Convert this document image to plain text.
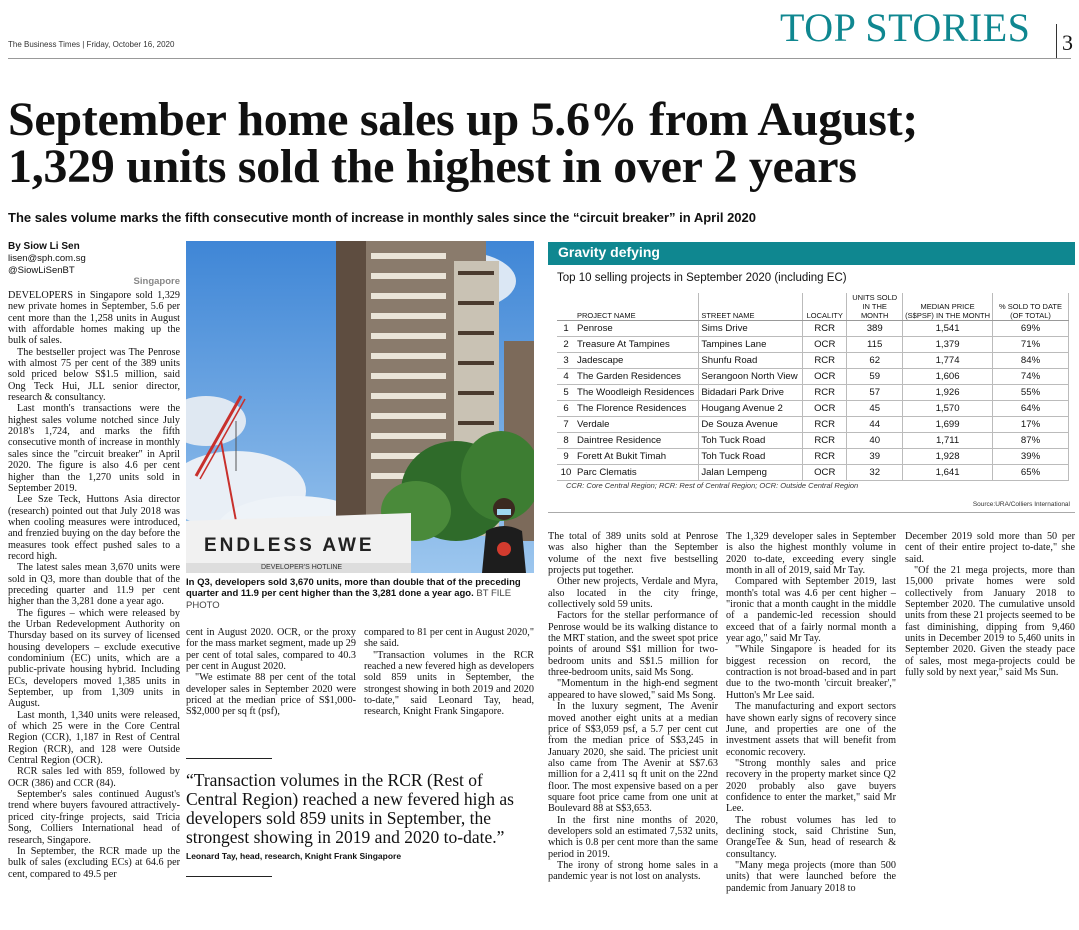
The Business Times | Friday, October 16, 2020	TOP STORIES 3
September home sales up 5.6% from August;
1,329 units sold the highest in over 2 years
The sales volume marks the fifth consecutive month of increase in monthly sales since the “circuit breaker” in April 2020
By Siow Li Sen
lisen@sph.com.sg
@SiowLiSenBT
Singapore

DEVELOPERS in Singapore sold 1,329 new private homes in September, 5.6 per cent more than the 1,258 units in August with affordable homes making up the bulk of sales.

The bestseller project was The Penrose with almost 75 per cent of the 389 units sold priced below S$1.5 million, said Ong Teck Hui, JLL senior director, research & consultancy.

Last month's transactions were the highest sales volume notched since July 2018's 1,724, and marks the fifth consecutive month of increase in monthly sales since the "circuit breaker" in April 2020. The figure is also 4.6 per cent higher than the 1,270 units sold in September 2019.

Lee Sze Teck, Huttons Asia director (research) pointed out that July 2018 was when cooling measures were introduced, and frenzied buying on the day before the measures took effect pushed sales to a record high.

The latest sales mean 3,670 units were sold in Q3, more than double that of the preceding quarter and 11.9 per cent higher than the 3,281 done a year ago.

The figures – which were released by the Urban Redevelopment Authority on Thursday based on its survey of licensed housing developers – exclude executive condominium (EC) units, which are a public-private housing hybrid. Including ECs, developers moved 1,385 units in September, up from 1,309 units in August.

Last month, 1,340 units were released, of which 25 were in the Core Central Region (CCR), 1,187 in Rest of Central Region (RCR), and 128 were Outside Central Region (OCR).

RCR sales led with 859, followed by OCR (386) and CCR (84).

September's sales continued August's trend where buyers favoured attractively-priced city-fringe projects, said Tricia Song, Colliers International head of research, Singapore.

In September, the RCR made up the bulk of sales (excluding ECs) at 64.6 per cent, compared to 49.5 per

cent in August 2020. OCR, or the proxy for the mass market segment, made up 29 per cent of total sales, compared to 40.3 per cent in August 2020.

"We estimate 88 per cent of the total developer sales in September 2020 were priced at the median price of S$1,000-S$2,000 per sq ft (psf),

compared to 81 per cent in August 2020," she said.

"Transaction volumes in the RCR reached a new fevered high as developers sold 859 units in September, the strongest showing in both 2019 and 2020 to-date," said Leonard Tay, head, research, Knight Frank Singapore.

The total of 389 units sold at Penrose was also higher than the September volume of the next five bestselling projects put together.

Other new projects, Verdale and Myra, also located in the city fringe, collectively sold 59 units.

Factors for the stellar performance of Penrose would be its walking distance to the MRT station, and the sweet spot price points of around S$1 million for two-bedroom units and S$1.5 million for three-bedroom units, said Ms Song.

"Momentum in the high-end segment appeared to have slowed," said Ms Song.

In the luxury segment, The Avenir moved another eight units at a median price of S$3,059 psf, a 5.7 per cent cut from the median price of S$3,245 in January 2020, she said. The priciest unit also came from The Avenir at S$7.63 million for a 2,411 sq ft unit on the 22nd floor. The most expensive based on a per square foot price came from one unit at Boulevard 88 at S$3,653.

In the first nine months of 2020, developers sold an estimated 7,532 units, which is 0.8 per cent more than the same period in 2019.

The irony of strong home sales in a pandemic year is not lost on analysts.

The 1,329 developer sales in September is also the highest monthly volume in 2020 to-date, exceeding every single month in all of 2019, said Mr Tay.

Compared with September 2019, last month's total was 4.6 per cent higher – "ironic that a month caught in the middle of a pandemic-led recession should exceed that of a fairly normal month a year ago," said Mr Tay.

"While Singapore is headed for its biggest recession on record, the contraction is not broad-based and in part due to the two-month 'circuit breaker'," Hutton's Mr Lee said.

The manufacturing and export sectors have shown early signs of recovery since June, and properties are one of the investment assets that will benefit from economic recovery.

"Strong monthly sales and price recovery in the property market since Q2 2020 probably also gave buyers confidence to enter the market," said Mr Lee.

The robust volumes has led to declining stock, said Christine Sun, OrangeTee & Sun, head of research & consultancy.

"Many mega projects (more than 500 units) that were launched before the pandemic from January 2018 to

December 2019 sold more than 50 per cent of their entire project to-date," she said.

"Of the 21 mega projects, more than 15,000 private homes were sold collectively from January 2018 to September 2020. The cumulative unsold units from these 21 projects seemed to be fast diminishing, dipping from 9,460 units in December 2019 to 5,460 units in September 2020. Given the steady pace of sales, most mega-projects could be fully sold by next year," said Ms Sun.

ENDLESS AWE
DEVELOPER'S HOTLINE
In Q3, developers sold 3,670 units, more than double that of the preceding quarter and 11.9 per cent higher than the 3,281 done a year ago. BT FILE PHOTO
Gravity defying
Top 10 selling projects in September 2020 (including EC)
	PROJECT NAME	STREET NAME	LOCALITY	UNITS SOLD IN THE MONTH	MEDIAN PRICE (S$PSF) IN THE MONTH	% SOLD TO DATE (OF TOTAL)
1	Penrose	Sims Drive	RCR	389	1,541	69%
2	Treasure At Tampines	Tampines Lane	OCR	115	1,379	71%
3	Jadescape	Shunfu Road	RCR	62	1,774	84%
4	The Garden Residences	Serangoon North View	OCR	59	1,606	74%
5	The Woodleigh Residences	Bidadari Park Drive	RCR	57	1,926	55%
6	The Florence Residences	Hougang Avenue 2	OCR	45	1,570	64%
7	Verdale	De Souza Avenue	RCR	44	1,699	17%
8	Daintree Residence	Toh Tuck Road	RCR	40	1,711	87%
9	Forett At Bukit Timah	Toh Tuck Road	RCR	39	1,928	39%
10	Parc Clematis	Jalan Lempeng	OCR	32	1,641	65%
CCR: Core Central Region; RCR: Rest of Central Region; OCR: Outside Central Region
Source:URA/Colliers International
“Transaction volumes in the RCR (Rest of Central Region) reached a new fevered high as developers sold 859 units in September, the strongest showing in 2019 and 2020 to-date.”
Leonard Tay, head, research, Knight Frank Singapore
